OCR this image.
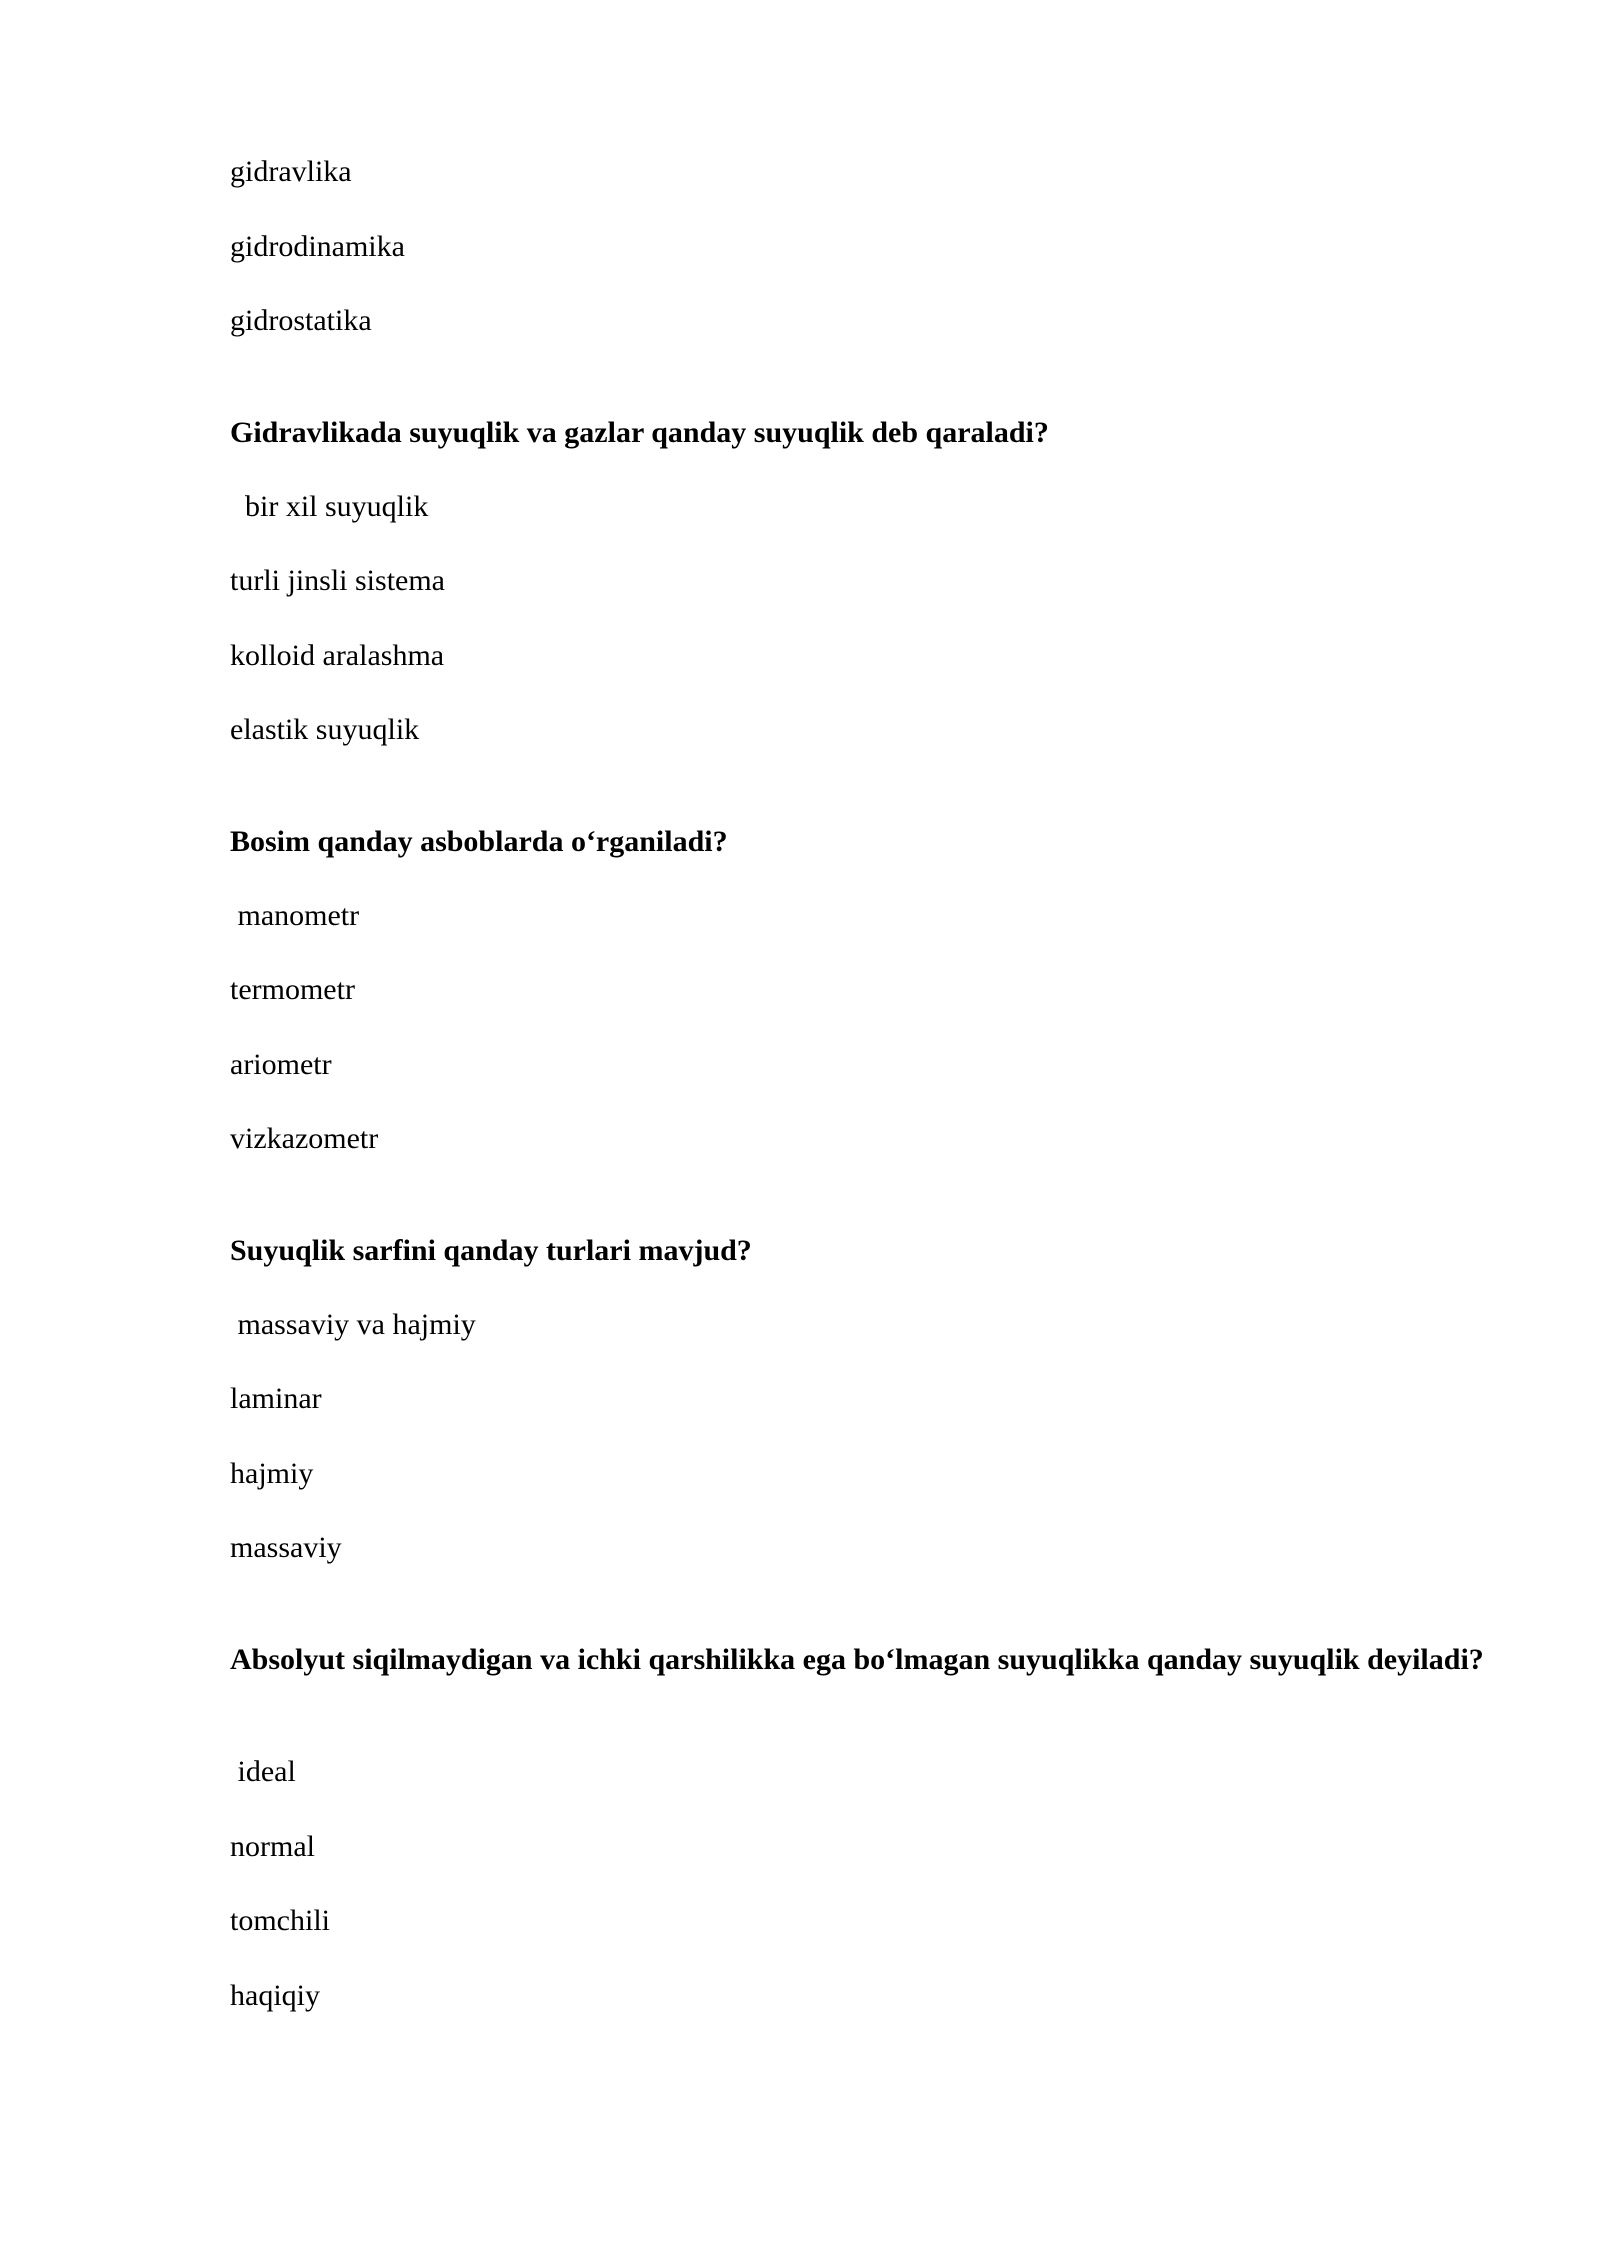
gidravlika
gidrodinamika
gidrostatika
Gidravlikada suyuqlik va gazlar qanday suyuqlik deb qaraladi?
bir xil suyuqlik
turli jinsli sistema
kolloid aralashma
elastik suyuqlik
Bosim qanday asboblarda o‘rganiladi?
manometr
termometr
ariometr
vizkazometr
Suyuqlik sarfini qanday turlari mavjud?
massaviy va hajmiy
laminar
hajmiy
massaviy
Absolyut siqilmaydigan va ichki qarshilikka ega bo‘lmagan suyuqlikka qanday suyuqlik deyiladi?
ideal
normal
tomchili
haqiqiy
